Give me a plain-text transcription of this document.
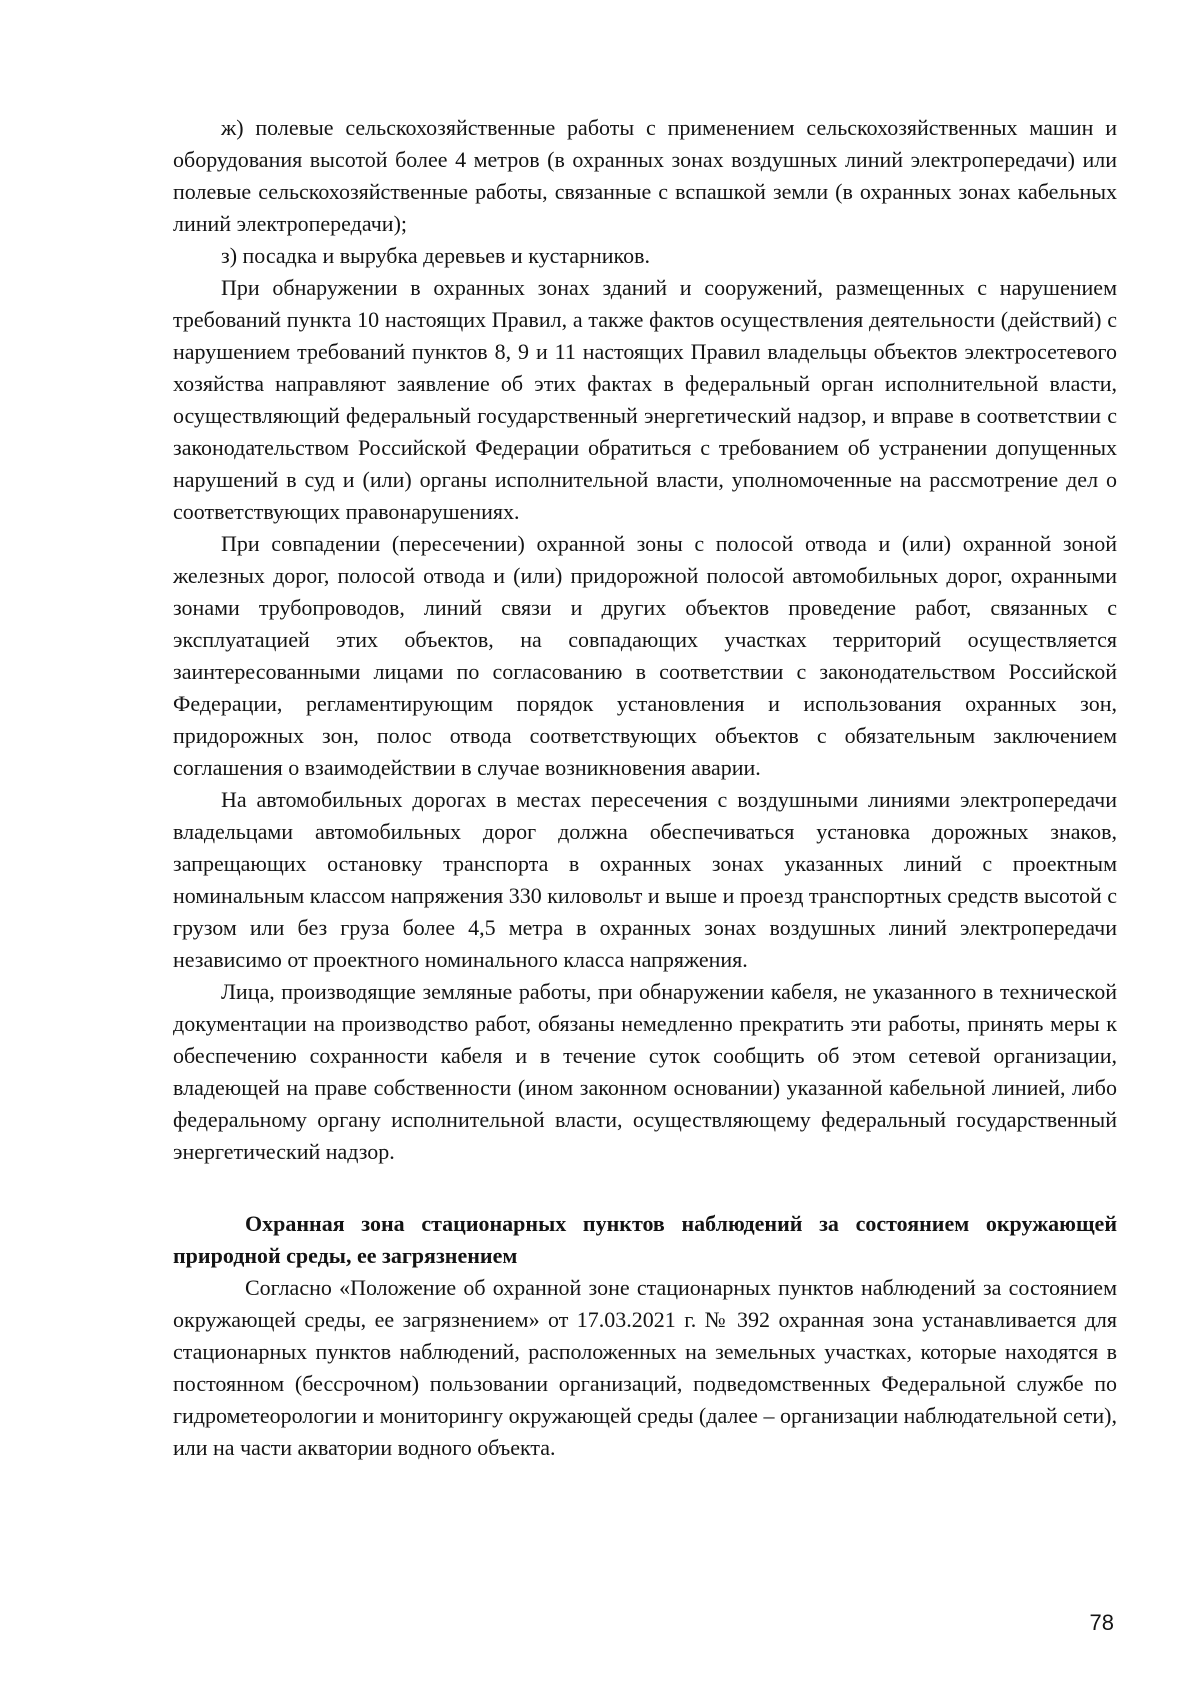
ж) полевые сельскохозяйственные работы с применением сельскохозяйственных машин и оборудования высотой более 4 метров (в охранных зонах воздушных линий электропередачи) или полевые сельскохозяйственные работы, связанные с вспашкой земли (в охранных зонах кабельных линий электропередачи);

з) посадка и вырубка деревьев и кустарников.

При обнаружении в охранных зонах зданий и сооружений, размещенных с нарушением требований пункта 10 настоящих Правил, а также фактов осуществления деятельности (действий) с нарушением требований пунктов 8, 9 и 11 настоящих Правил владельцы объектов электросетевого хозяйства направляют заявление об этих фактах в федеральный орган исполнительной власти, осуществляющий федеральный государственный энергетический надзор, и вправе в соответствии с законодательством Российской Федерации обратиться с требованием об устранении допущенных нарушений в суд и (или) органы исполнительной власти, уполномоченные на рассмотрение дел о соответствующих правонарушениях.

При совпадении (пересечении) охранной зоны с полосой отвода и (или) охранной зоной железных дорог, полосой отвода и (или) придорожной полосой автомобильных дорог, охранными зонами трубопроводов, линий связи и других объектов проведение работ, связанных с эксплуатацией этих объектов, на совпадающих участках территорий осуществляется заинтересованными лицами по согласованию в соответствии с законодательством Российской Федерации, регламентирующим порядок установления и использования охранных зон, придорожных зон, полос отвода соответствующих объектов с обязательным заключением соглашения о взаимодействии в случае возникновения аварии.

На автомобильных дорогах в местах пересечения с воздушными линиями электропередачи владельцами автомобильных дорог должна обеспечиваться установка дорожных знаков, запрещающих остановку транспорта в охранных зонах указанных линий с проектным номинальным классом напряжения 330 киловольт и выше и проезд транспортных средств высотой с грузом или без груза более 4,5 метра в охранных зонах воздушных линий электропередачи независимо от проектного номинального класса напряжения.

Лица, производящие земляные работы, при обнаружении кабеля, не указанного в технической документации на производство работ, обязаны немедленно прекратить эти работы, принять меры к обеспечению сохранности кабеля и в течение суток сообщить об этом сетевой организации, владеющей на праве собственности (ином законном основании) указанной кабельной линией, либо федеральному органу исполнительной власти, осуществляющему федеральный государственный энергетический надзор.

Охранная зона стационарных пунктов наблюдений за состоянием окружающей природной среды, ее загрязнением

Согласно «Положение об охранной зоне стационарных пунктов наблюдений за состоянием окружающей среды, ее загрязнением» от 17.03.2021 г. № 392 охранная зона устанавливается для стационарных пунктов наблюдений, расположенных на земельных участках, которые находятся в постоянном (бессрочном) пользовании организаций, подведомственных Федеральной службе по гидрометеорологии и мониторингу окружающей среды (далее – организации наблюдательной сети), или на части акватории водного объекта.

78
